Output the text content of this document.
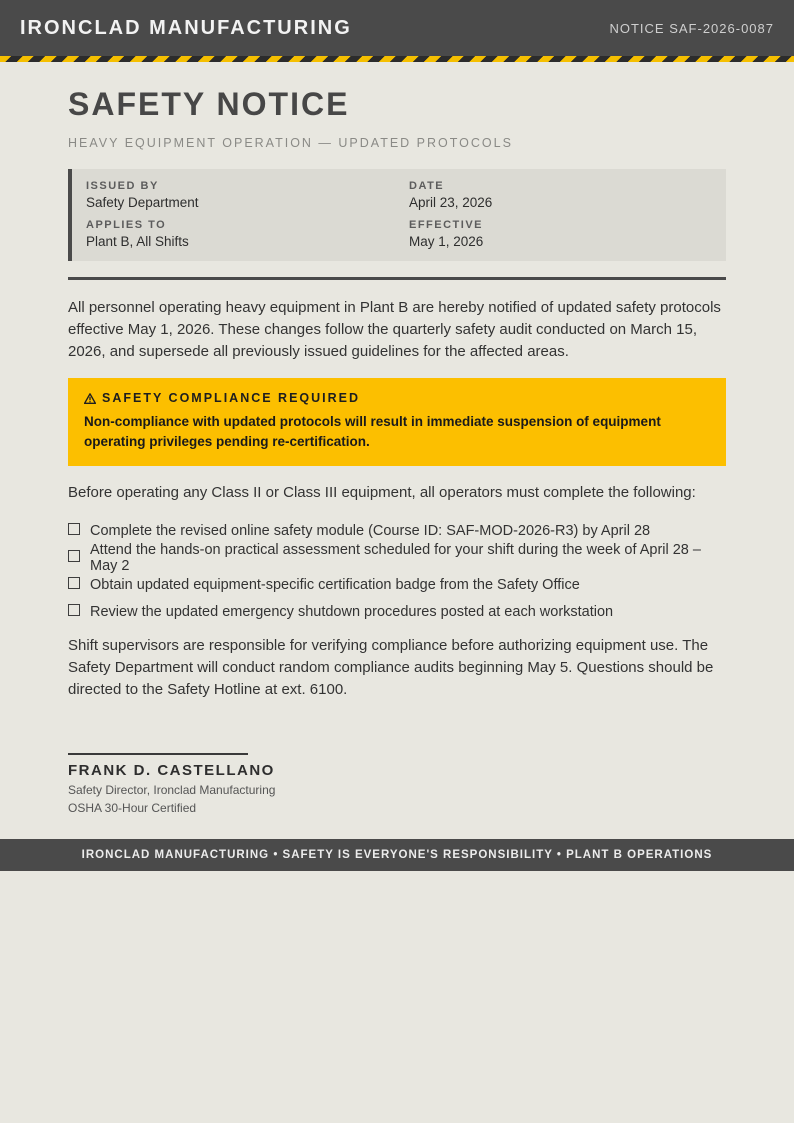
IRONCLAD MANUFACTURING	NOTICE SAF-2026-0087
SAFETY NOTICE
HEAVY EQUIPMENT OPERATION — UPDATED PROTOCOLS
ISSUED BY
Safety Department
DATE
April 23, 2026
APPLIES TO
Plant B, All Shifts
EFFECTIVE
May 1, 2026

All personnel operating heavy equipment in Plant B are hereby notified of updated safety protocols effective May 1, 2026. These changes follow the quarterly safety audit conducted on March 15, 2026, and supersede all previously issued guidelines for the affected areas.

SAFETY COMPLIANCE REQUIRED
Non-compliance with updated protocols will result in immediate suspension of equipment operating privileges pending re-certification.

Before operating any Class II or Class III equipment, all operators must complete the following:

Complete the revised online safety module (Course ID: SAF-MOD-2026-R3) by April 28
Attend the hands-on practical assessment scheduled for your shift during the week of April 28 – May 2
Obtain updated equipment-specific certification badge from the Safety Office
Review the updated emergency shutdown procedures posted at each workstation

Shift supervisors are responsible for verifying compliance before authorizing equipment use. The Safety Department will conduct random compliance audits beginning May 5. Questions should be directed to the Safety Hotline at ext. 6100.

FRANK D. CASTELLANO
Safety Director, Ironclad Manufacturing
OSHA 30-Hour Certified
IRONCLAD MANUFACTURING • SAFETY IS EVERYONE'S RESPONSIBILITY • PLANT B OPERATIONS
